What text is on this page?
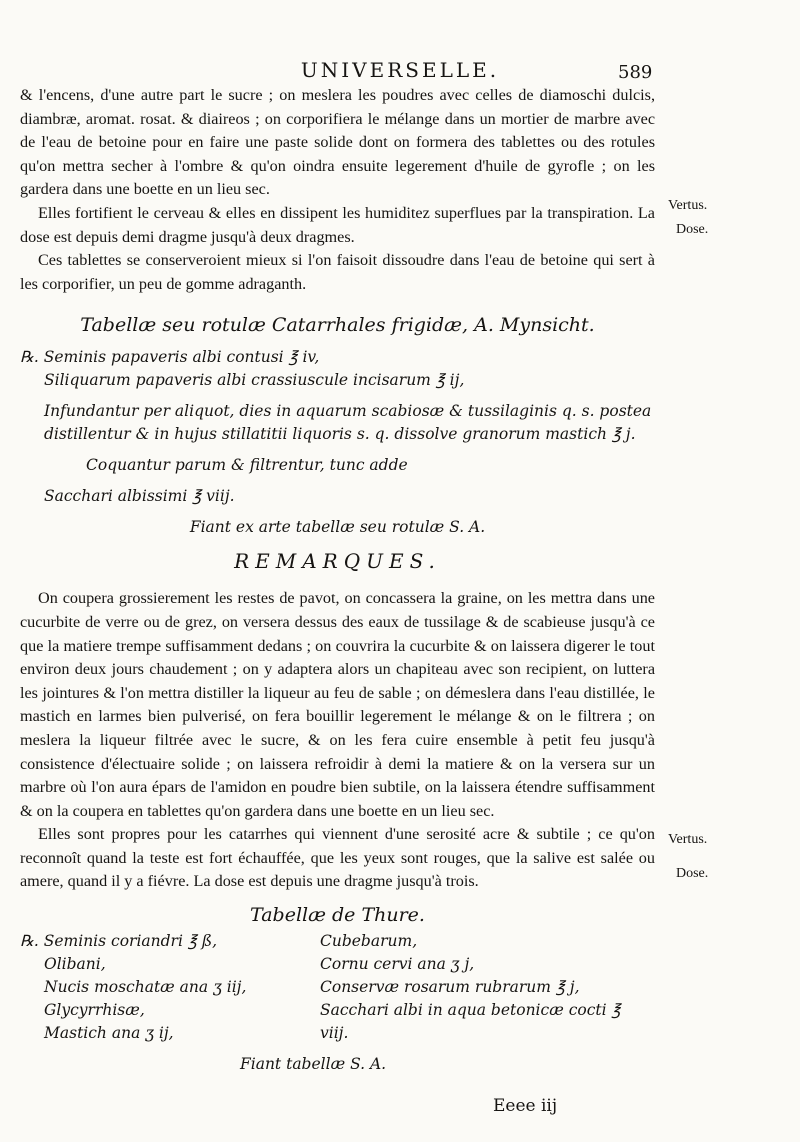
UNIVERSELLE.	589

& l'encens, d'une autre part le sucre ; on meslera les poudres avec celles de diamoschi dulcis, diambræ, aromat. rosat. & diaireos ; on corporifiera le mélange dans un mortier de marbre avec de l'eau de betoine pour en faire une paste solide dont on formera des tablettes ou des rotules qu'on mettra secher à l'ombre & qu'on oindra ensuite legerement d'huile de gyrofle ; on les gardera dans une boette en un lieu sec.

Elles fortifient le cerveau & elles en dissipent les humiditez superflues par la transpiration. La dose est depuis demi dragme jusqu'à deux dragmes.

Ces tablettes se conserveroient mieux si l'on faisoit dissoudre dans l'eau de betoine qui sert à les corporifier, un peu de gomme adraganth.

Tabellæ seu rotulæ Catarrhales frigidæ, A. Mynsicht.

℞. Seminis papaveris albi contusi ℥ iv,

Siliquarum papaveris albi crassiuscule incisarum ℥ ij,

Infundantur per aliquot, dies in aquarum scabiosæ & tussilaginis q. s. postea distillentur & in hujus stillatitii liquoris s. q. dissolve granorum mastich ℥ j.

Coquantur parum & filtrentur, tunc adde

Sacchari albissimi ℥ viij.

Fiant ex arte tabellæ seu rotulæ S. A.

REMARQUES.

On coupera grossierement les restes de pavot, on concassera la graine, on les mettra dans une cucurbite de verre ou de grez, on versera dessus des eaux de tussilage & de scabieuse jusqu'à ce que la matiere trempe suffisamment dedans ; on couvrira la cucurbite & on laissera digerer le tout environ deux jours chaudement ; on y adaptera alors un chapiteau avec son recipient, on luttera les jointures & l'on mettra distiller la liqueur au feu de sable ; on démeslera dans l'eau distillée, le mastich en larmes bien pulverisé, on fera bouillir legerement le mélange & on le filtrera ; on meslera la liqueur filtrée avec le sucre, & on les fera cuire ensemble à petit feu jusqu'à consistence d'électuaire solide ; on laissera refroidir à demi la matiere & on la versera sur un marbre où l'on aura épars de l'amidon en poudre bien subtile, on la laissera étendre suffisamment & on la coupera en tablettes qu'on gardera dans une boette en un lieu sec.

Elles sont propres pour les catarrhes qui viennent d'une serosité acre & subtile ; ce qu'on reconnoît quand la teste est fort échauffée, que les yeux sont rouges, que la salive est salée ou amere, quand il y a fiévre. La dose est depuis une dragme jusqu'à trois.

Tabellæ de Thure.

℞. Seminis coriandri ℥ ß,

Olibani,

Nucis moschatæ ana ʒ iij,

Glycyrrhisæ,

Mastich ana ʒ ij,

Cubebarum,

Cornu cervi ana ʒ j,

Conservæ rosarum rubrarum ℥ j,

Sacchari albi in aqua betonicæ cocti ℥ viij.

Fiant tabellæ S. A.

Vertus.
Dose.
Vertus.
Dose.
Eeee iij
